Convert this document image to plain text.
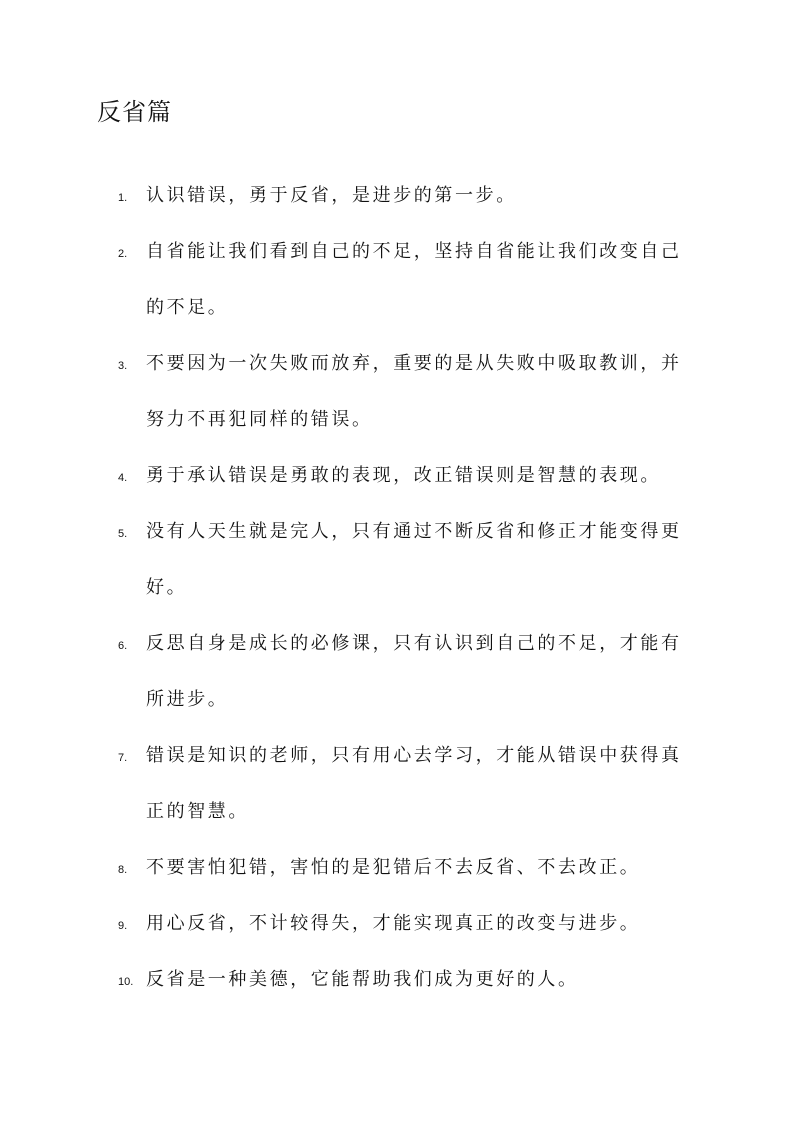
反省篇
1. 认识错误，勇于反省，是进步的第一步。
2. 自省能让我们看到自己的不足，坚持自省能让我们改变自己的不足。
3. 不要因为一次失败而放弃，重要的是从失败中吸取教训，并努力不再犯同样的错误。
4. 勇于承认错误是勇敢的表现，改正错误则是智慧的表现。
5. 没有人天生就是完人，只有通过不断反省和修正才能变得更好。
6. 反思自身是成长的必修课，只有认识到自己的不足，才能有所进步。
7. 错误是知识的老师，只有用心去学习，才能从错误中获得真正的智慧。
8. 不要害怕犯错，害怕的是犯错后不去反省、不去改正。
9. 用心反省，不计较得失，才能实现真正的改变与进步。
10. 反省是一种美德，它能帮助我们成为更好的人。
